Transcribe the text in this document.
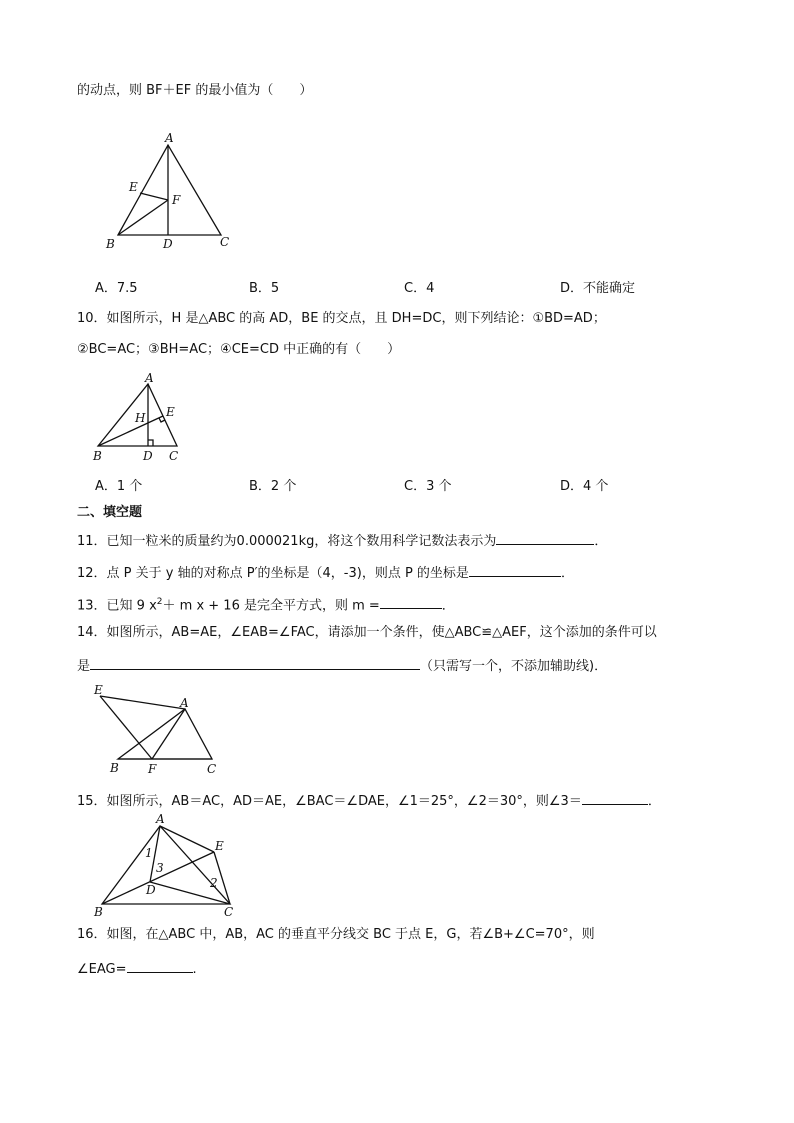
的动点，则 BF＋EF 的最小值为（　　）
A
E
F
B	D	C
A．7.5	B．5	C．4	D．不能确定
10．如图所示，H 是△ABC 的高 AD，BE 的交点，且 DH=DC，则下列结论：①BD=AD；
②BC=AC；③BH=AC；④CE=CD 中正确的有（　　）
A
H E
B	D C
A．1 个	B．2 个	C．3 个	D．4 个
二、填空题
11．已知一粒米的质量约为0.000021kg，将这个数用科学记数法表示为	．
12．点 P 关于 y 轴的对称点 P′的坐标是（4，-3)，则点 P 的坐标是	．
13．已知 9 $x^2+ m$ x + 16 是完全平方式，则 m =	．
14．如图所示，AB=AE，∠EAB=∠FAC，请添加一个条件，使△ABC≌△AEF，这个添加的条件可以
是	（只需写一个，不添加辅助线)．
E
A
B F	C
15．如图所示，AB＝AC，AD＝AE，∠BAC＝∠DAE，∠1＝25°，∠2＝30°，则∠3＝	．
A
E
1
3
D	2
B	C
16．如图，在△ABC 中，AB，AC 的垂直平分线交 BC 于点 E，G，若∠B+∠C=70°，则
∠EAG=	.
